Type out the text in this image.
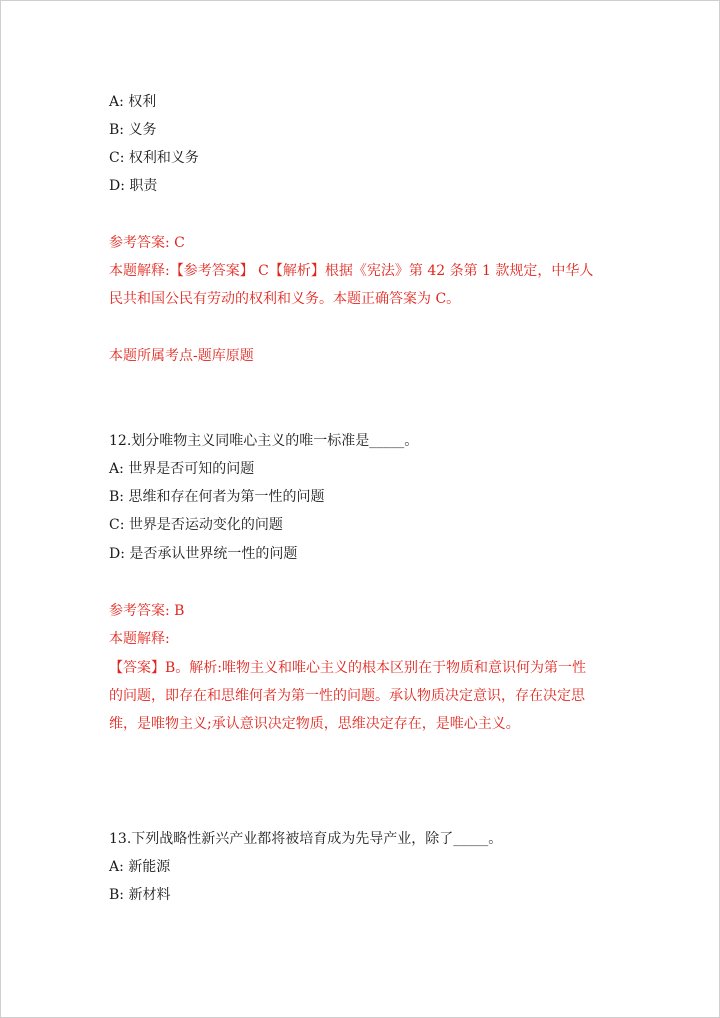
A: 权利
B: 义务
C: 权利和义务
D: 职责
参考答案: C
本题解释:【参考答案】 C【解析】根据《宪法》第 42 条第 1 款规定，中华人
民共和国公民有劳动的权利和义务。本题正确答案为 C。
本题所属考点-题库原题
12.划分唯物主义同唯心主义的唯一标准是_____。
A: 世界是否可知的问题
B: 思维和存在何者为第一性的问题
C: 世界是否运动变化的问题
D: 是否承认世界统一性的问题
参考答案: B
本题解释:
【答案】B。解析:唯物主义和唯心主义的根本区别在于物质和意识何为第一性
的问题，即存在和思维何者为第一性的问题。承认物质决定意识，存在决定思
维，是唯物主义;承认意识决定物质，思维决定存在，是唯心主义。
13.下列战略性新兴产业都将被培育成为先导产业，除了_____。
A: 新能源
B: 新材料
